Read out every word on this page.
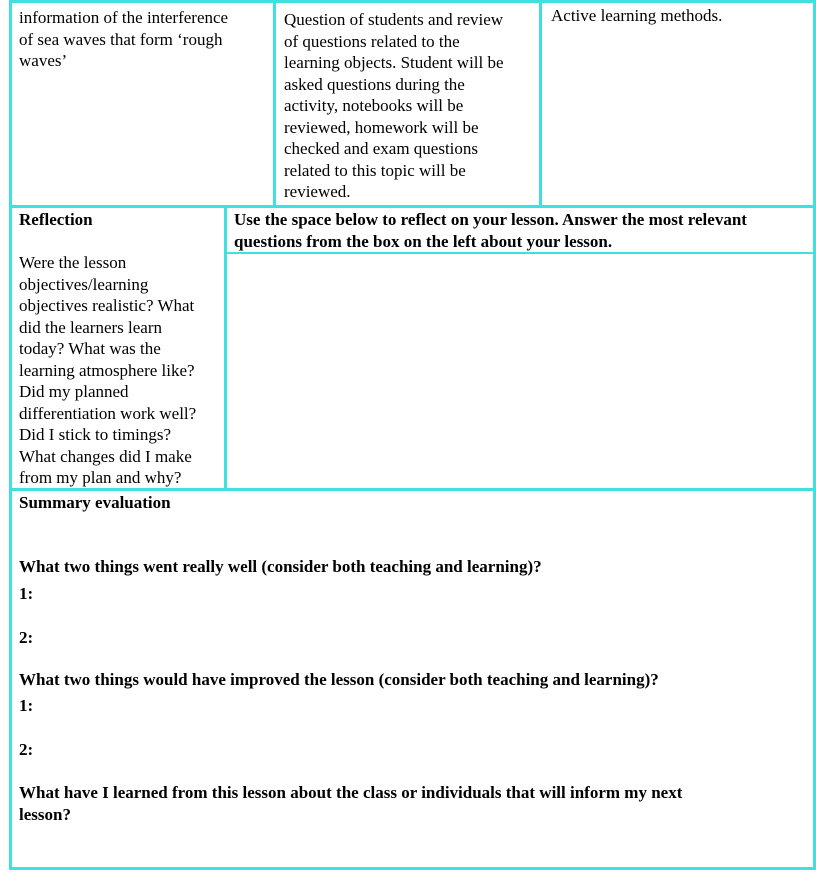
information of the interference
of sea waves that form ‘rough
waves’
Question of students and review
of questions related to the
learning objects. Student will be
asked questions during the
activity, notebooks will be
reviewed, homework will be
checked and exam questions
related to this topic will be
reviewed.
Active learning methods.
Reflection
Were the lesson
objectives/learning
objectives realistic? What
did the learners learn
today? What was the
learning atmosphere like?
Did my planned
differentiation work well?
Did I stick to timings?
What changes did I make
from my plan and why?
Use the space below to reflect on your lesson. Answer the most relevant
questions from the box on the left about your lesson.
Summary evaluation
What two things went really well (consider both teaching and learning)?
1:
2:
What two things would have improved the lesson (consider both teaching and learning)?
1:
2:
What have I learned from this lesson about the class or individuals that will inform my next
lesson?
